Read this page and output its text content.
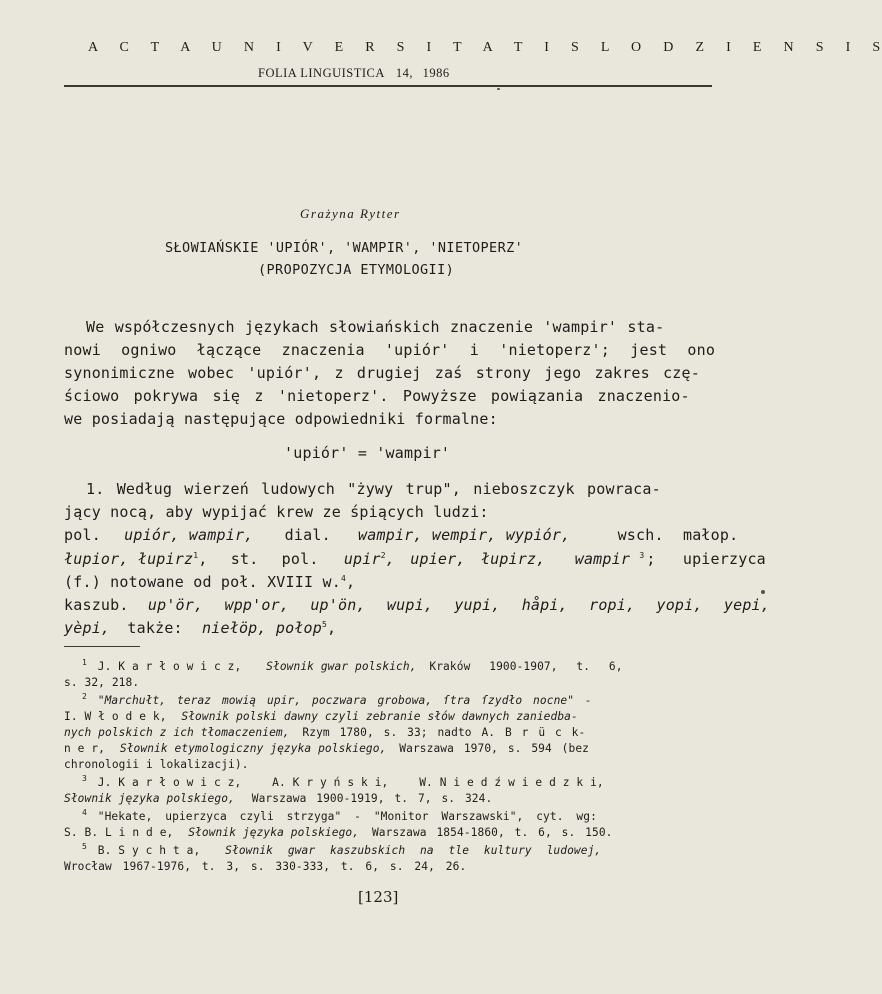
A C T A U N I V E R S I T A T I S L O D Z I E N S I S
FOLIA LINGUISTICA 14, 1986
Grażyna Rytter
SŁOWIAŃSKIE 'UPIÓR', 'WAMPIR', 'NIETOPERZ'
(PROPOZYCJA ETYMOLOGII)
We współczesnych językach słowiańskich znaczenie 'wampir' sta-
nowi ogniwo łączące znaczenia 'upiór' i 'nietoperz'; jest ono
synonimiczne wobec 'upiór', z drugiej zaś strony jego zakres czę-
ściowo pokrywa się z 'nietoperz'. Powyższe powiązania znaczenio-
we posiadają następujące odpowiedniki formalne:
'upiór' = 'wampir'
1. Według wierzeń ludowych "żywy trup", nieboszczyk powraca-
jący nocą, aby wypijać krew ze śpiących ludzi:
pol. upiór, wampir, dial. wampir, wempir, wypiór,	wsch. małop.
łupior, łupirz$^1$, st. pol. upir$^2$, upier, łupirz, wampir $^3$ ; upierzyca
(f.) notowane od poł. XVIII w.$^4$,
kaszub. up'ör, wpp'or, up'ön, wupi, yupi, håpi, ropi, yopi, yepi,
yèpi, także: niełöp, połop$^5$,
$^1$ J. K a r ł o w i c z, Słownik gwar polskich, Kraków 1900-1907, t. 6,
s. 32, 218.
$^2$ "Marchułt, teraz mowią upir, poczwara grobowa, ſtra ſzydło nocne" -
I. W ł o d e k, Słownik polski dawny czyli zebranie słów dawnych zaniedba-
nych polskich z ich tłomaczeniem, Rzym 1780, s. 33; nadto A. B r ü c k-
n e r, Słownik etymologiczny języka polskiego, Warszawa 1970, s. 594 (bez
chronologii i lokalizacji).
$^3$ J. K a r ł o w i c z,	A. K r y ń s k i,	W. N i e d ź w i e d z k i,
Słownik języka polskiego, Warszawa 1900-1919, t. 7, s. 324.
$^4$ "Hekate, upierzyca czyli strzyga" - "Monitor Warszawski", cyt. wg:
S. B. L i n d e, Słownik języka polskiego, Warszawa 1854-1860, t. 6, s. 150.
$^5$ B. S y c h t a, Słownik gwar kaszubskich na tle kultury ludowej,
Wrocław 1967-1976, t. 3, s. 330-333, t. 6, s. 24, 26.
[123]
